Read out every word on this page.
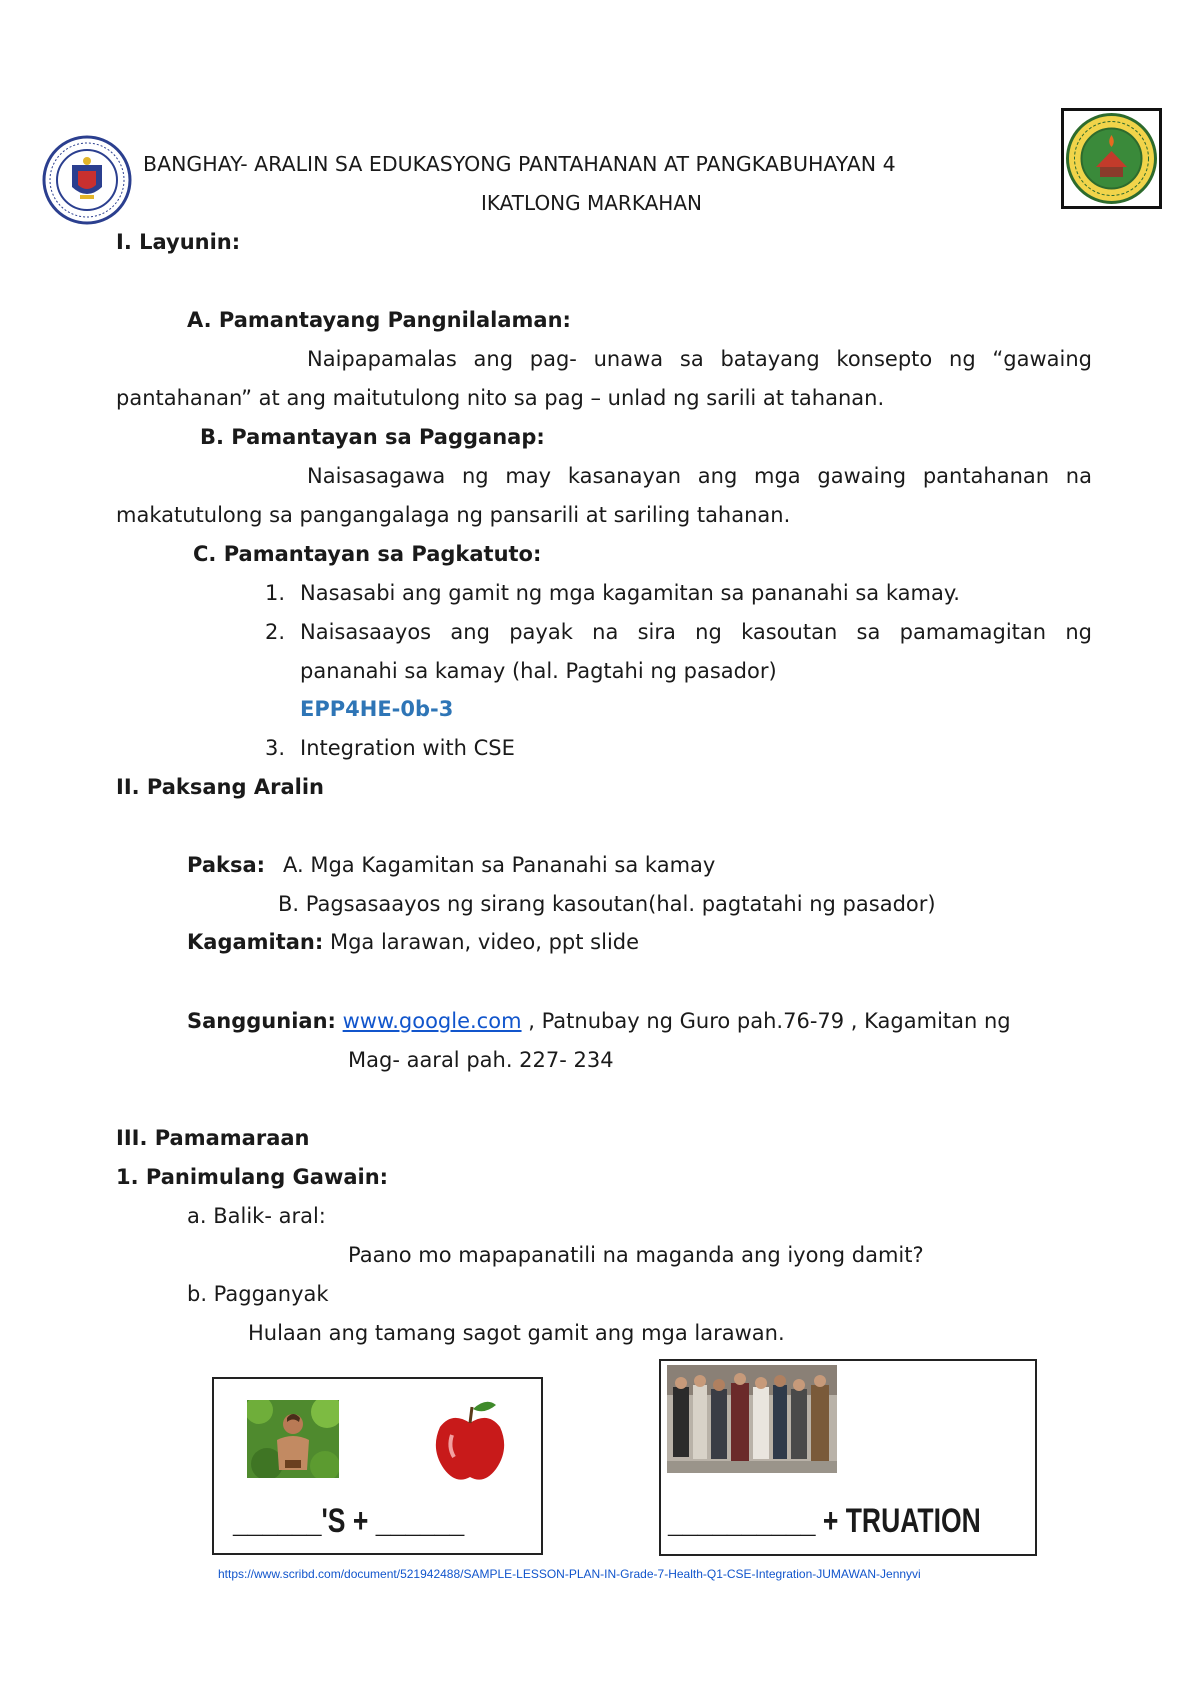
BANGHAY- ARALIN SA EDUKASYONG PANTAHANAN AT PANGKABUHAYAN 4
IKATLONG MARKAHAN
I. Layunin:
A. Pamantayang Pangnilalaman:
Naipapamalas ang pag- unawa sa batayang konsepto ng “gawaing
pantahanan” at ang maitutulong nito sa pag – unlad ng sarili at tahanan.
B. Pamantayan sa Pagganap:
Naisasagawa ng may kasanayan ang mga gawaing pantahanan na
makatutulong sa pangangalaga ng pansarili at sariling tahanan.
C. Pamantayan sa Pagkatuto:
1. Nasasabi ang gamit ng mga kagamitan sa pananahi sa kamay.
2. Naisasaayos ang payak na sira ng kasoutan sa pamamagitan ng
pananahi sa kamay (hal. Pagtahi ng pasador)
EPP4HE-0b-3
3. Integration with CSE
II. Paksang Aralin
Paksa: A. Mga Kagamitan sa Pananahi sa kamay
B. Pagsasaayos ng sirang kasoutan(hal. pagtatahi ng pasador)
Kagamitan: Mga larawan, video, ppt slide
Sanggunian: www.google.com , Patnubay ng Guro pah.76-79 , Kagamitan ng
Mag- aaral pah. 227- 234
III. Pamamaraan
1. Panimulang Gawain:
a. Balik- aral:
Paano mo mapapanatili na maganda ang iyong damit?
b. Pagganyak
Hulaan ang tamang sagot gamit ang mga larawan.
______'S + ______	__________ + TRUATION
https://www.scribd.com/document/521942488/SAMPLE-LESSON-PLAN-IN-Grade-7-Health-Q1-CSE-Integration-JUMAWAN-Jennyvi
